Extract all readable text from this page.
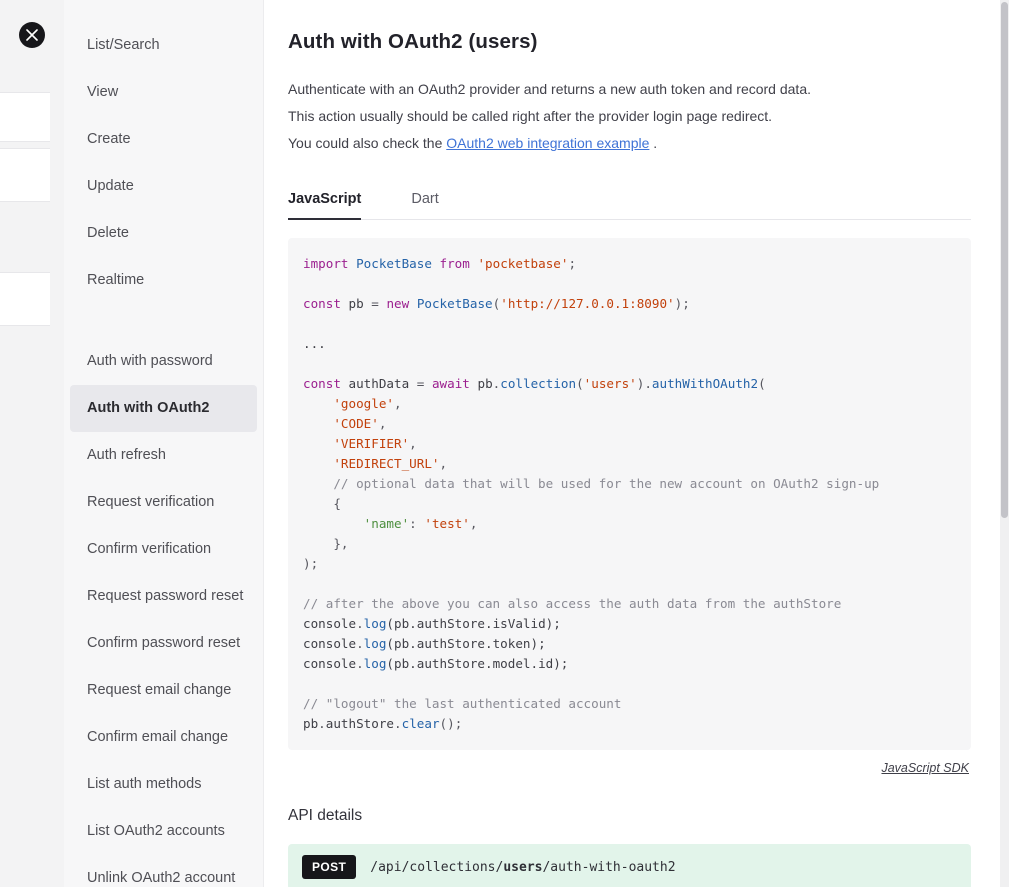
List/Search
View
Create
Update
Delete
Realtime
Auth with password
Auth with OAuth2
Auth refresh
Request verification
Confirm verification
Request password reset
Confirm password reset
Request email change
Confirm email change
List auth methods
List OAuth2 accounts
Unlink OAuth2 account
Auth with OAuth2 (users)
Authenticate with an OAuth2 provider and returns a new auth token and record data.
This action usually should be called right after the provider login page redirect.
You could also check the OAuth2 web integration example .
JavaScript	Dart
import PocketBase from 'pocketbase';

const pb = new PocketBase('http://127.0.0.1:8090');

...

const authData = await pb.collection('users').authWithOAuth2(
'google',
'CODE',
'VERIFIER',
'REDIRECT_URL',
// optional data that will be used for the new account on OAuth2 sign-up
{
'name': 'test',
},
);

// after the above you can also access the auth data from the authStore
console.log(pb.authStore.isValid);
console.log(pb.authStore.token);
console.log(pb.authStore.model.id);

// "logout" the last authenticated account
pb.authStore.clear();
JavaScript SDK
API details
POST	/api/collections/users/auth-with-oauth2
